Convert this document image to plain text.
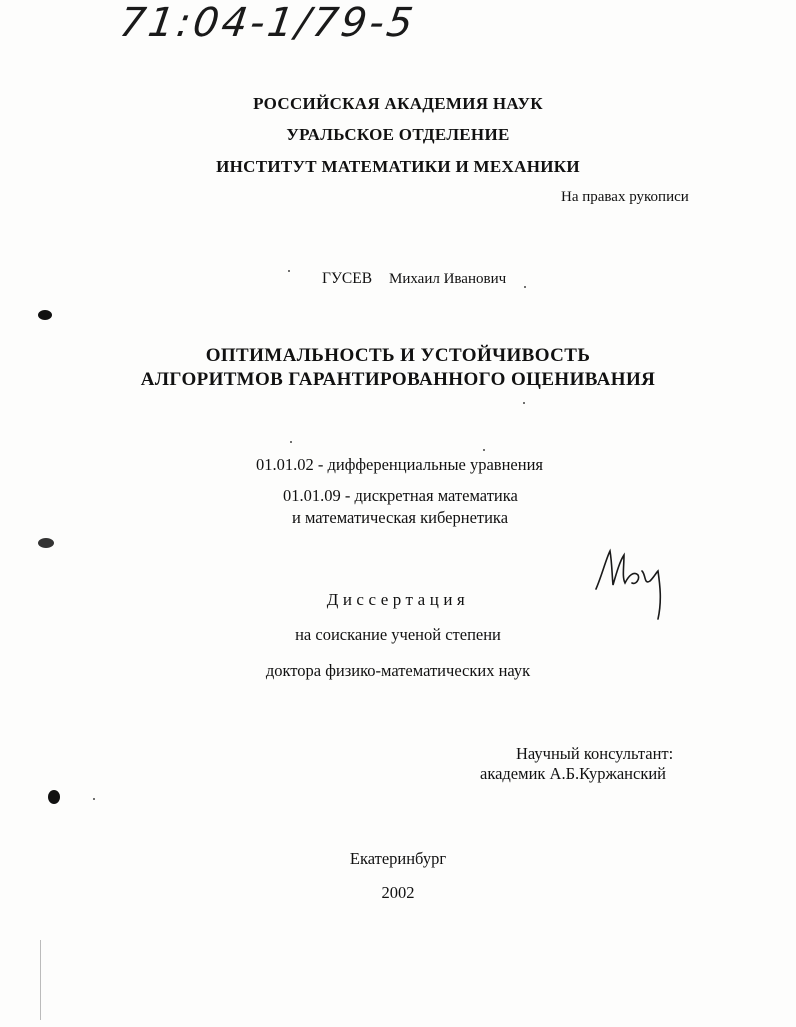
71:04-1/79-5
РОССИЙСКАЯ АКАДЕМИЯ НАУК
УРАЛЬСКОЕ ОТДЕЛЕНИЕ
ИНСТИТУТ МАТЕМАТИКИ И МЕХАНИКИ
На правах рукописи
ГУСЕВ Михаил Иванович
ОПТИМАЛЬНОСТЬ И УСТОЙЧИВОСТЬ
АЛГОРИТМОВ ГАРАНТИРОВАННОГО ОЦЕНИВАНИЯ
01.01.02 - дифференциальные уравнения
01.01.09 - дискретная математика
и математическая кибернетика
Диссертация
на соискание ученой степени
доктора физико-математических наук
Научный консультант:
академик А.Б.Куржанский
Екатеринбург
2002
